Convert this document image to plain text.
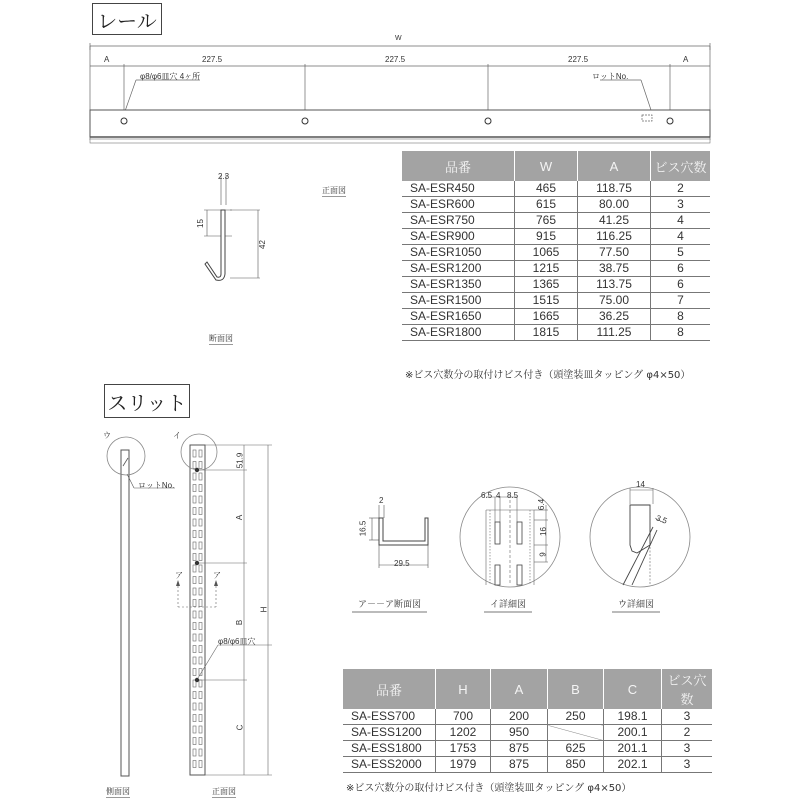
レール
W
A	227.5	227.5	227.5	A
φ8/φ6皿穴 4ヶ所	ロットNo.
2.3
15
42
正面図
断面図
品番	W	A	ビス穴数
SA-ESR450	465	118.75	2
SA-ESR600	615	80.00	3
SA-ESR750	765	41.25	4
SA-ESR900	915	116.25	4
SA-ESR1050	1065	77.50	5
SA-ESR1200	1215	38.75	6
SA-ESR1350	1365	113.75	6
SA-ESR1500	1515	75.00	7
SA-ESR1650	1665	36.25	8
SA-ESR1800	1815	111.25	8
※ビス穴数分の取付けビス付き（頭塗装皿タッピング φ4×50）
スリット
ウ	イ
ロットNo.
51.9
A
B
C
H
ア	ア
φ8/φ6皿穴
側面図	正面図
2
16.5
29.5
ア－－ア断面図
6.5 4 8.5
6.4
16
9
イ詳細図
14
3.5
ウ詳細図
品番	H	A	B	C	ビス穴数
SA-ESS700	700	200	250	198.1	3
SA-ESS1200	1202	950		200.1	2
SA-ESS1800	1753	875	625	201.1	3
SA-ESS2000	1979	875	850	202.1	3
※ビス穴数分の取付けビス付き（頭塗装皿タッピング φ4×50）
